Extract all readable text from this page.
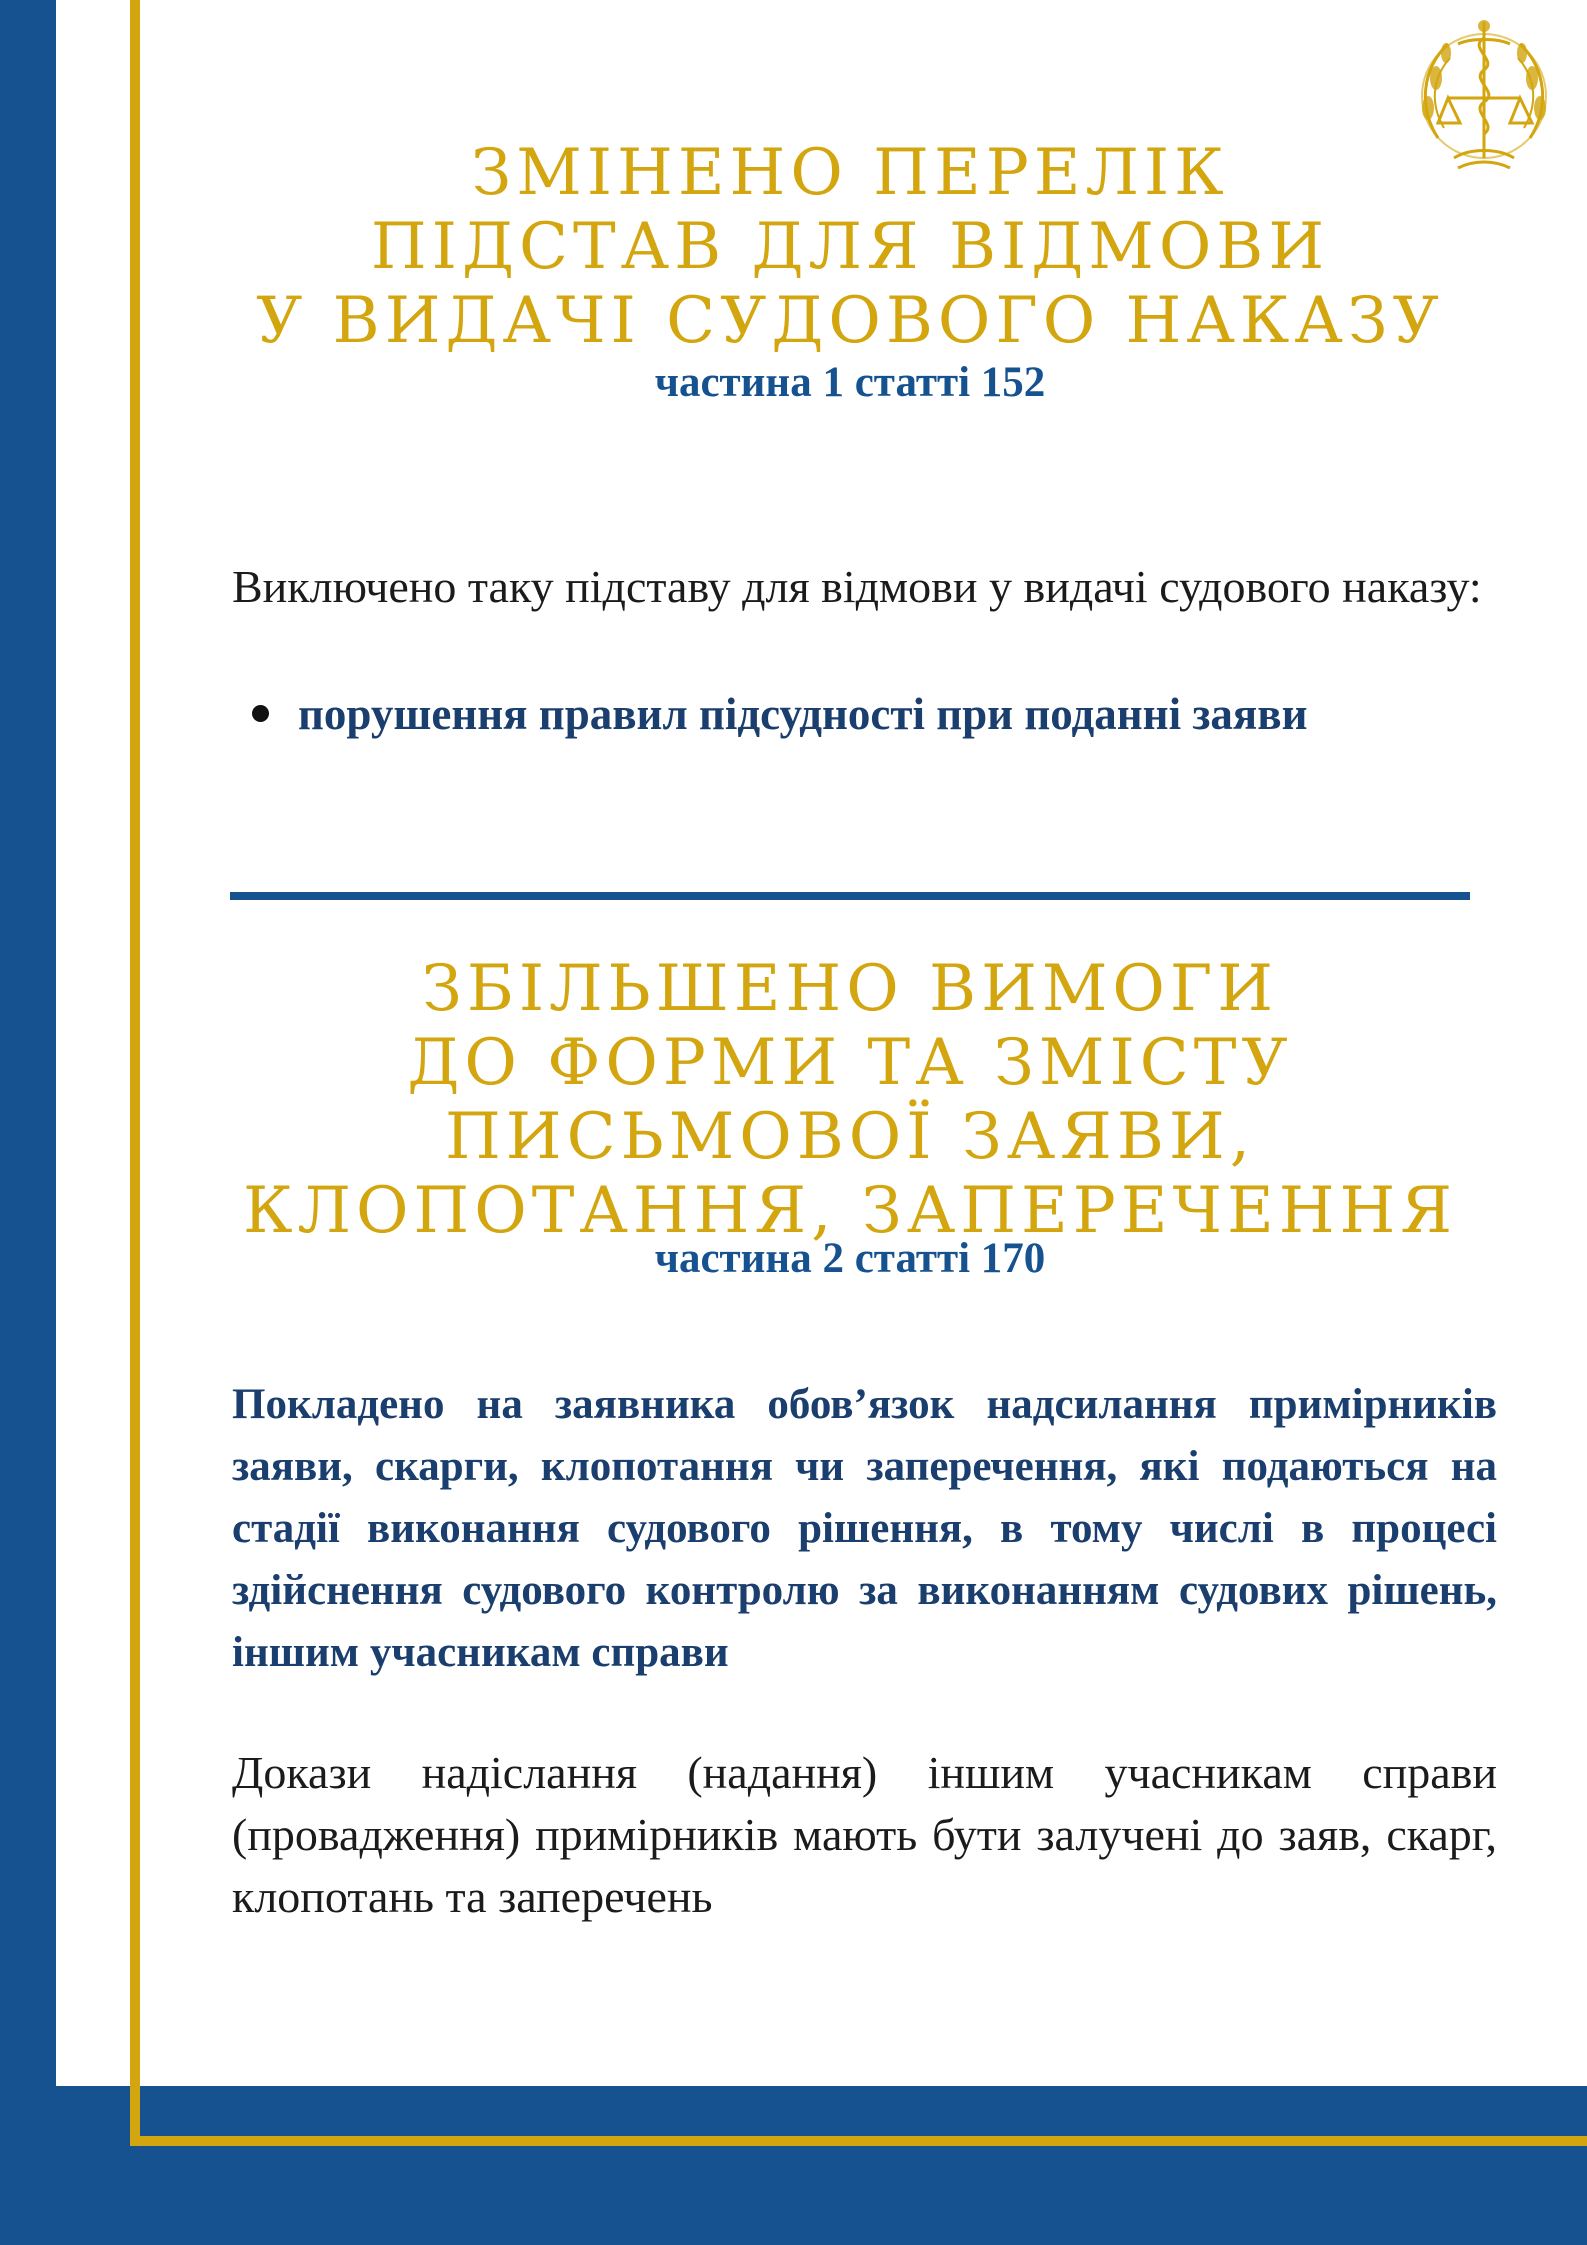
ЗМІНЕНО ПЕРЕЛІК
ПІДСТАВ ДЛЯ ВІДМОВИ
У ВИДАЧІ СУДОВОГО НАКАЗУ
частина 1 статті 152

Виключено таку підставу для відмови у видачі судового наказу:

порушення правил підсудності при поданні заяви
ЗБІЛЬШЕНО ВИМОГИ
ДО ФОРМИ ТА ЗМІСТУ
ПИСЬМОВОЇ ЗАЯВИ,
КЛОПОТАННЯ, ЗАПЕРЕЧЕННЯ
частина 2 статті 170

Покладено на заявника обов’язок надсилання примірників заяви, скарги, клопотання чи заперечення, які подаються на стадії виконання судового рішення, в тому числі в процесі здійснення судового контролю за виконанням судових рішень, іншим учасникам справи

Докази надіслання (надання) іншим учасникам справи (провадження) примірників мають бути залучені до заяв, скарг, клопотань та заперечень
